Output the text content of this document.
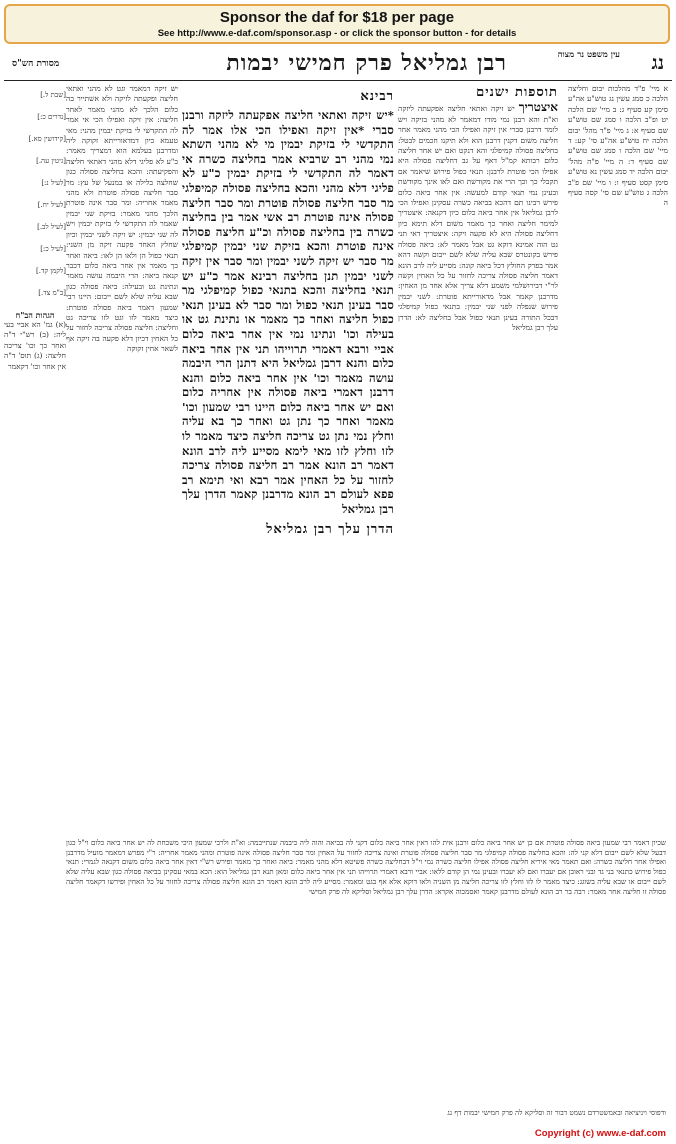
Sponsor the daf for $18 per page
See http://www.e-daf.com/sponsor.asp - or click the sponsor button - for details
נג
עין משפט נר מצוה
רבן גמליאל פרק חמישי יבמות
מסורת הש"ס
א מיי' פ"ד מהלכות יבום וחליצה הלכה כ סמג עשין נג טוש"ע אה"ע סימן קע סעיף ג: ב מיי' שם הלכה יט ופ"ב הלכה ו סמג שם טוש"ע שם סעיף א: ג מיי' פ"ד מהל' יבום הלכה יח טוש"ע אה"ע סי' קע: ד מיי' שם הלכה ו סמג שם טוש"ע שם סעיף ד: ה מיי' פ"ה מהל' יבום הלכה יד סמג עשין נא טוש"ע סימן קסט סעיף ו: ו מיי' שם פ"ב הלכה ג טוש"ע שם סי' קסה סעיף ה
תוספות ישנים
איצטריך יש זיקה ואתאי חליצה אפקעתה ליזקה וא"ת והא רבנן נמי מודו דמאמר לא מהני בזיקה ויש לומר דרבנן סברי אין זיקה ואפילו הכי מהני מאמר אחר חליצה משום דקנין דרבנן הוא ולא תיקנו חכמים לבטל: בחליצה פסולה קמיפלגי והא דנקט ואם יש אחר חליצה כלום רבותא קמ"ל דאף על גב דחליצה פסולה היא אפילו הכי פוטרת לרבנן: תנאי כפול פירוש שיאמר אם תקבלי כך וכך הרי את מקודשת ואם לאו אינך מקודשת ובעינן נמי תנאי קודם למעשה: אין אחר ביאה כלום פירש רבינו תם דהכא בביאה כשרה עסקינן ואפילו הכי לרבן גמליאל אין אחר ביאה כלום כיון דקנאה: איצטריך למימר חליצה ואחר כך מאמר משום דלא תימא כיון דחליצה פסולה היא לא פקעה זיקה: איצטריך דאי תני גט הוה אמינא דוקא גט אבל מאמר לא: ביאה פסולה פירש בקונטרס שבא עליה שלא לשם ייבום וקשה דהא אמר בפרק החולץ דכל ביאה קונה: מסייע ליה לרב הונא דאמר חליצה פסולה צריכה לחזור על כל האחין וקשה לר"י דבירושלמי משמע דלא צריך אלא אחד מן האחין: מדרבנן קאמר אבל מדאורייתא פוטרת: לשני יבמין פירוש שנפלה לפני שני יבמין: בתנאי כפול קמיפלגי דבכל התורה בעינן תנאי כפול אבל בחליצה לא: הדרן עלך רבן גמליאל
רבינא
*יש זיקה ואתאי חליצה אפקעתה ליזקה ורבנן סברי *אין זיקה ואפילו הכי אלו אמר לה התקדשי לי בזיקת יבמין מי לא מהני השתא נמי מהני רב שרביא אמר בחליצה כשרה אי דאמר לה התקדשי לי בזיקת יבמין כ"ע לא פליגי דלא מהני והכא בחליצה פסולה קמיפלגי מר סבר חליצה פסולה פוטרת ומר סבר חליצה פסולה אינה פוטרת רב אשי אמר בין בחליצה כשרה בין בחליצה פסולה וכ"ע חליצה פסולה אינה פוטרת והכא בזיקת שני יבמין קמיפלגי מר סבר יש זיקה לשני יבמין ומר סבר אין זיקה לשני יבמין תנן בחליצה רבינא אמר כ"ע יש תנאי בחליצה והכא בתנאי כפול קמיפלגי מר סבר בעינן תנאי כפול ומר סבר לא בעינן תנאי כפול חליצה ואחר כך מאמר או נתינת גט או בעילה וכו' ונתינו נמי אין אחר ביאה כלום אביי ורבא דאמרי תרוייהו תני אין אחר ביאה כלום והנא דרבן גמליאל היא דתנן הרי היבמה עושה מאמר וכו' אין אחר ביאה כלום והנא דרבנן דאמרי ביאה פסולה אין אחריה כלום ואם יש אחר ביאה כלום היינו רבי שמעון וכו' מאמר ואחר כך נתן גט ואחר כך בא עליה וחלץ נמי נתן גט צריכה חליצה כיצד מאמר לו לזו וחלץ לזו מאי לימא מסייע ליה לרב הונא דאמר רב הונא אמר רב חליצה פסולה צריכה לחזור על כל האחין אמר רבא ואי תימא רב פפא לעולם רב הונא מדרבנן קאמר הדרן עלך רבן גמליאל
הדרן עלך רבן גמליאל
יש זיקה דמאמר וגט לא מהני ואתאי חליצה ופקעתה לזיקה ולא אשתייר בה כלום הלכך לא מהני מאמר לאחר חליצה: אין זיקה ואפילו הכי אי אמר לה התקדשי לי בזיקת יבמין מהני: מאי טעמא כיון דמדאורייתא זקוקה ליה ומדרבנן בעלמא הוא דמצריך מאמר: כ"ע לא פליגי דלא מהני דאתאי חליצה והפקיעתה: והכא בחליצה פסולה כגון שחלצה בלילה או במנעל של עץ: מר סבר חליצה פסולה פוטרת ולא מהני מאמר אחריה: ומר סבר אינה פוטרת הלכך מהני מאמר: בזיקת שני יבמין שאמר לה התקדשי לי בזיקת יבמין ויש לה שני יבמין: יש זיקה לשני יבמין וכיון שחלץ האחד פקעה זיקה מן השני: תנאי כפול הן ולאו הן לאו: ביאה ואחר כך מאמר אין אחר ביאה כלום דכבר קנאה ביאה: הרי היבמה עושה מאמר ונתינת גט ובעילה: ביאה פסולה כגון שבא עליה שלא לשם ייבום: היינו רבי שמעון דאמר ביאה פסולה פוטרת: כיצד מאמר לזו וגט לזו צריכה גט וחליצה: חליצה פסולה צריכה לחזור על כל האחין דכיון דלא פקעה בה זיקה אף לשאר אחין זקוקה
[שבת ל.]
[נדרים כ:]
[קידושין סא.]
[גיטין עה.]
[לעיל נ:]
[לעיל יח.]
[לעיל לב.]
[לעיל כ:]
[לקמן קד.]
[ב"מ צד.]
הגהות הב"ח
(א) גמ' הא אביי בעי ליה: (ב) רש"י ד"ה ואחר כך וכו' צריכה חליצה: (ג) תוס' ד"ה אין אחר וכו' דקאמר
שכיון דאמר רבי שמעון ביאה פסולה פוטרת אם כן יש אחר ביאה כלום ורבנן אית להו דאין אחר ביאה כלום דקני לה בביאה והוה ליה כיבמה שנתייבמה: וא"ת ולרבי שמעון היכי משכחת לה יש אחר ביאה כלום וי"ל כגון דבעל שלא לשם ייבום דלא קני לה: והכא בחליצה פסולה קמיפלגי מר סבר חליצה פסולה פוטרת ואינה צריכה לחזור על האחין ומר סבר חליצה פסולה אינה פוטרת ומהני מאמר אחריה: ר"י מפרש דמאמר מועיל מדרבנן ואפילו אחר חליצה כשרה: ואם תאמר מאי איריא חליצה פסולה אפילו חליצה כשרה נמי וי"ל דבחליצה כשרה פשיטא דלא מהני מאמר: ביאה ואחר כך מאמר ופירש רש"י דאין אחר ביאה כלום משום דקנאה לגמרי: תנאי כפול פירוש כתנאי בני גד ובני ראובן אם יעברו ואם לא יעברו ובעינן נמי הן קודם ללאו: אביי ורבא דאמרי תרוייהו תני אין אחר ביאה כלום ומאן תנא רבן גמליאל הוא: הכא במאי עסקינן בביאה פסולה כגון שבא עליה שלא לשם ייבום או שבא עליה בשוגג: כיצד מאמר לו לזו וחלץ לזו צריכה חליצה מן השניה ולאו דוקא אלא אף בגט ומאמר: מסייע ליה לרב הונא דאמר רב הונא חליצה פסולה צריכה לחזור על כל האחין ופירשו דקאמר חליצה פסולה זו חליצה אחר מאמר: רבה בר רב הונא לעולם מדרבנן קאמר ואסמכוה אקרא: הדרן עלך רבן גמליאל וסליקא לה פרק חמישי
ודפוסי ויניציאה ובאמשטרדם נשמט דבור זה וסליקא לה פרק חמישי יבמות דף נג
Copyright (c) www.e-daf.com
